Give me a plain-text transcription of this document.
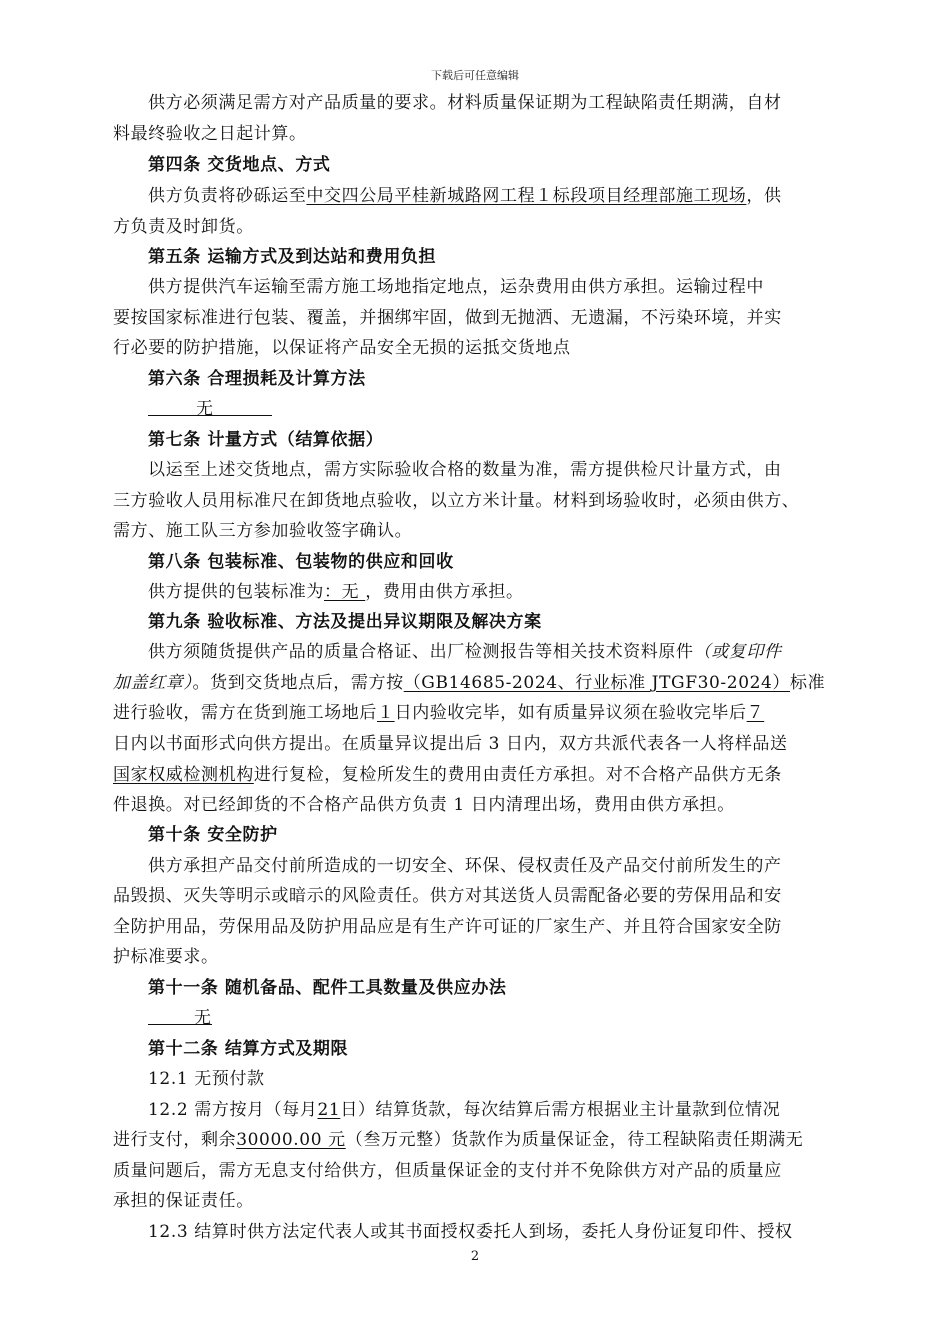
下载后可任意编辑
供方必须满足需方对产品质量的要求。材料质量保证期为工程缺陷责任期满，自材
料最终验收之日起计算。
第四条 交货地点、方式
供方负责将砂砾运至中交四公局平桂新城路网工程１标段项目经理部施工现场，供
方负责及时卸货。
第五条 运输方式及到达站和费用负担
供方提供汽车运输至需方施工场地指定地点，运杂费用由供方承担。运输过程中
要按国家标准进行包装、覆盖，并捆绑牢固，做到无抛洒、无遗漏，不污染环境，并实
行必要的防护措施，以保证将产品安全无损的运抵交货地点
第六条 合理损耗及计算方法
无
第七条 计量方式（结算依据）
以运至上述交货地点，需方实际验收合格的数量为准，需方提供检尺计量方式，由
三方验收人员用标准尺在卸货地点验收，以立方米计量。材料到场验收时，必须由供方、
需方、施工队三方参加验收签字确认。
第八条 包装标准、包装物的供应和回收
供方提供的包装标准为：无 ，费用由供方承担。
第九条 验收标准、方法及提出异议期限及解决方案
供方须随货提供产品的质量合格证、出厂检测报告等相关技术资料原件（或复印件
加盖红章）。货到交货地点后，需方按（GB14685-2024、行业标准 JTGF30-2024）标准
进行验收，需方在货到施工场地后１日内验收完毕，如有质量异议须在验收完毕后７
日内以书面形式向供方提出。在质量异议提出后 3 日内，双方共派代表各一人将样品送
国家权威检测机构进行复检，复检所发生的费用由责任方承担。对不合格产品供方无条
件退换。对已经卸货的不合格产品供方负责 1 日内清理出场，费用由供方承担。
第十条 安全防护
供方承担产品交付前所造成的一切安全、环保、侵权责任及产品交付前所发生的产
品毁损、灭失等明示或暗示的风险责任。供方对其送货人员需配备必要的劳保用品和安
全防护用品，劳保用品及防护用品应是有生产许可证的厂家生产、并且符合国家安全防
护标准要求。
第十一条 随机备品、配件工具数量及供应办法
无
第十二条 结算方式及期限
12.1 无预付款
12.2 需方按月（每月21日）结算货款，每次结算后需方根据业主计量款到位情况
进行支付，剩余30000.00 元（叁万元整）货款作为质量保证金，待工程缺陷责任期满无
质量问题后，需方无息支付给供方，但质量保证金的支付并不免除供方对产品的质量应
承担的保证责任。
12.3 结算时供方法定代表人或其书面授权委托人到场，委托人身份证复印件、授权
2
